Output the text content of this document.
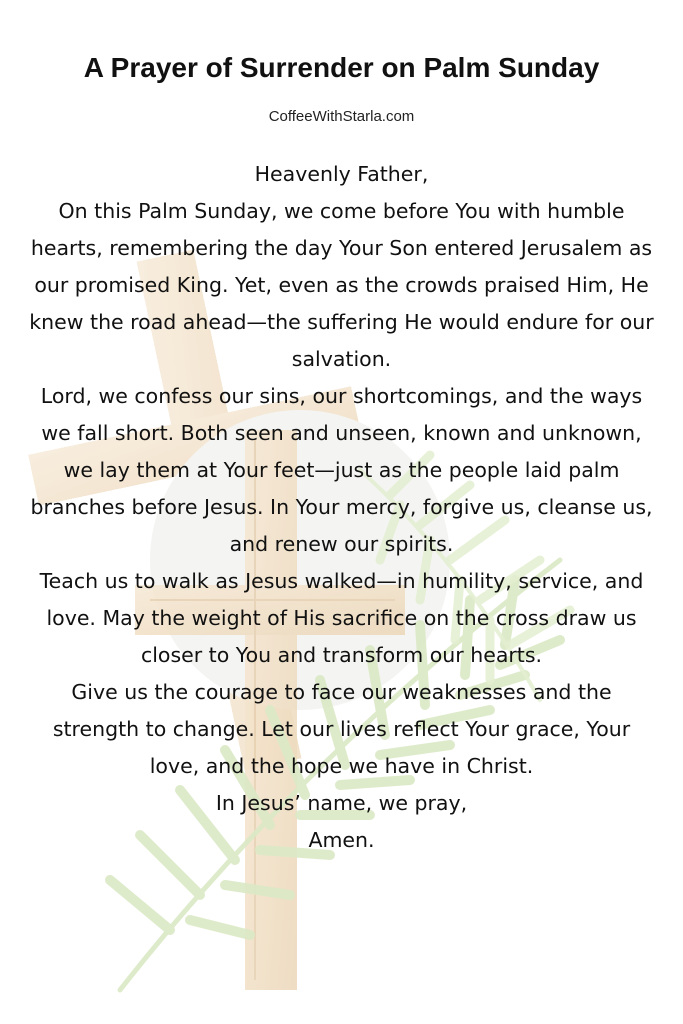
A Prayer of Surrender on Palm Sunday
CoffeeWithStarla.com

Heavenly Father,

On this Palm Sunday, we come before You with humble hearts, remembering the day Your Son entered Jerusalem as our promised King. Yet, even as the crowds praised Him, He knew the road ahead—the suffering He would endure for our salvation.

Lord, we confess our sins, our shortcomings, and the ways we fall short. Both seen and unseen, known and unknown, we lay them at Your feet—just as the people laid palm branches before Jesus. In Your mercy, forgive us, cleanse us, and renew our spirits.

Teach us to walk as Jesus walked—in humility, service, and love. May the weight of His sacrifice on the cross draw us closer to You and transform our hearts.

Give us the courage to face our weaknesses and the strength to change. Let our lives reflect Your grace, Your love, and the hope we have in Christ.

In Jesus’ name, we pray,

Amen.
